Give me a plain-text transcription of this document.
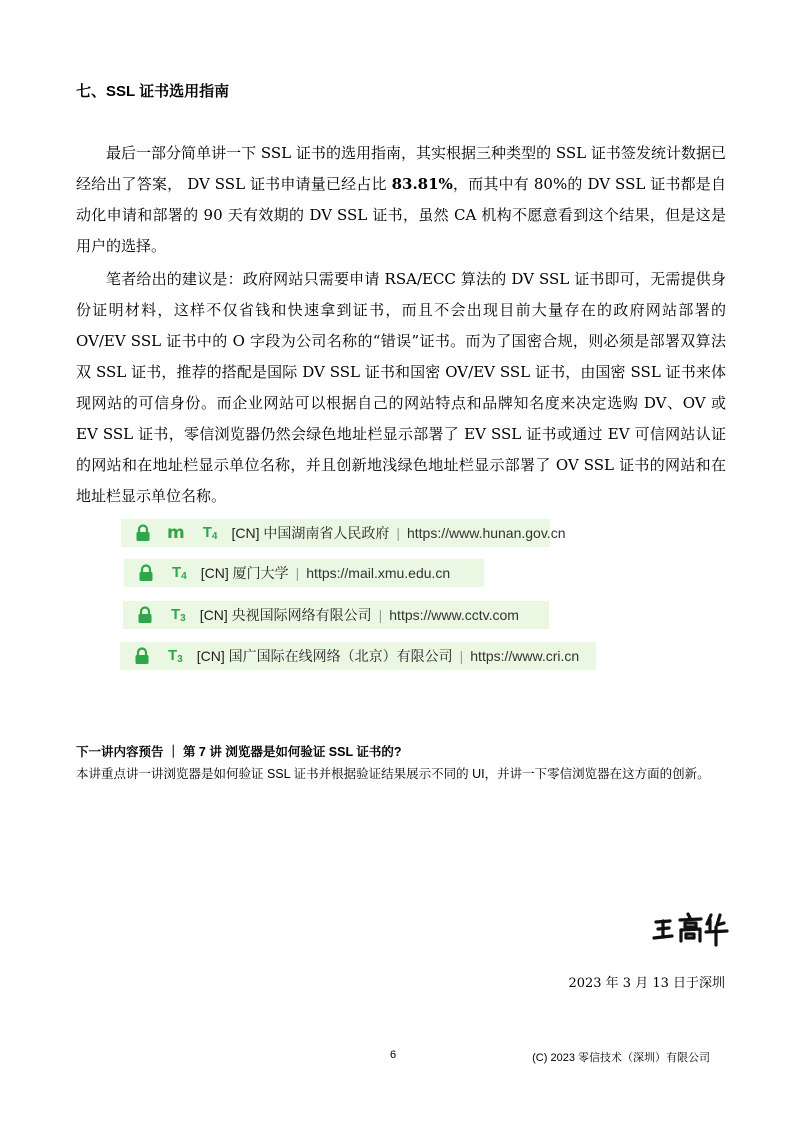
七、SSL 证书选用指南

最后一部分简单讲一下 SSL 证书的选用指南，其实根据三种类型的 SSL 证书签发统计数据已经给出了答案， DV SSL 证书申请量已经占比 83.81%，而其中有 80%的 DV SSL 证书都是自动化申请和部署的 90 天有效期的 DV SSL 证书，虽然 CA 机构不愿意看到这个结果，但是这是用户的选择。

笔者给出的建议是：政府网站只需要申请 RSA/ECC 算法的 DV SSL 证书即可，无需提供身份证明材料，这样不仅省钱和快速拿到证书，而且不会出现目前大量存在的政府网站部署的 OV/EV SSL 证书中的 O 字段为公司名称的“错误”证书。而为了国密合规，则必须是部署双算法双 SSL 证书，推荐的搭配是国际 DV SSL 证书和国密 OV/EV SSL 证书，由国密 SSL 证书来体现网站的可信身份。而企业网站可以根据自己的网站特点和品牌知名度来决定选购 DV、OV 或 EV SSL 证书，零信浏览器仍然会绿色地址栏显示部署了 EV SSL 证书或通过 EV 可信网站认证的网站和在地址栏显示单位名称，并且创新地浅绿色地址栏显示部署了 OV SSL 证书的网站和在地址栏显示单位名称。

m $T_4$ [CN] 中国湖南省人民政府 | https://www.hunan.gov.cn
$T_4$ [CN] 厦门大学 | https://mail.xmu.edu.cn
$T_3$ [CN] 央视国际网络有限公司 | https://www.cctv.com
$T_3$ [CN] 国广国际在线网络（北京）有限公司 | https://www.cri.cn
下一讲内容预告 ｜ 第 7 讲 浏览器是如何验证 SSL 证书的?

本讲重点讲一讲浏览器是如何验证 SSL 证书并根据验证结果展示不同的 UI，并讲一下零信浏览器在这方面的创新。

2023 年 3 月 13 日于深圳
6	(C) 2023 零信技术（深圳）有限公司
